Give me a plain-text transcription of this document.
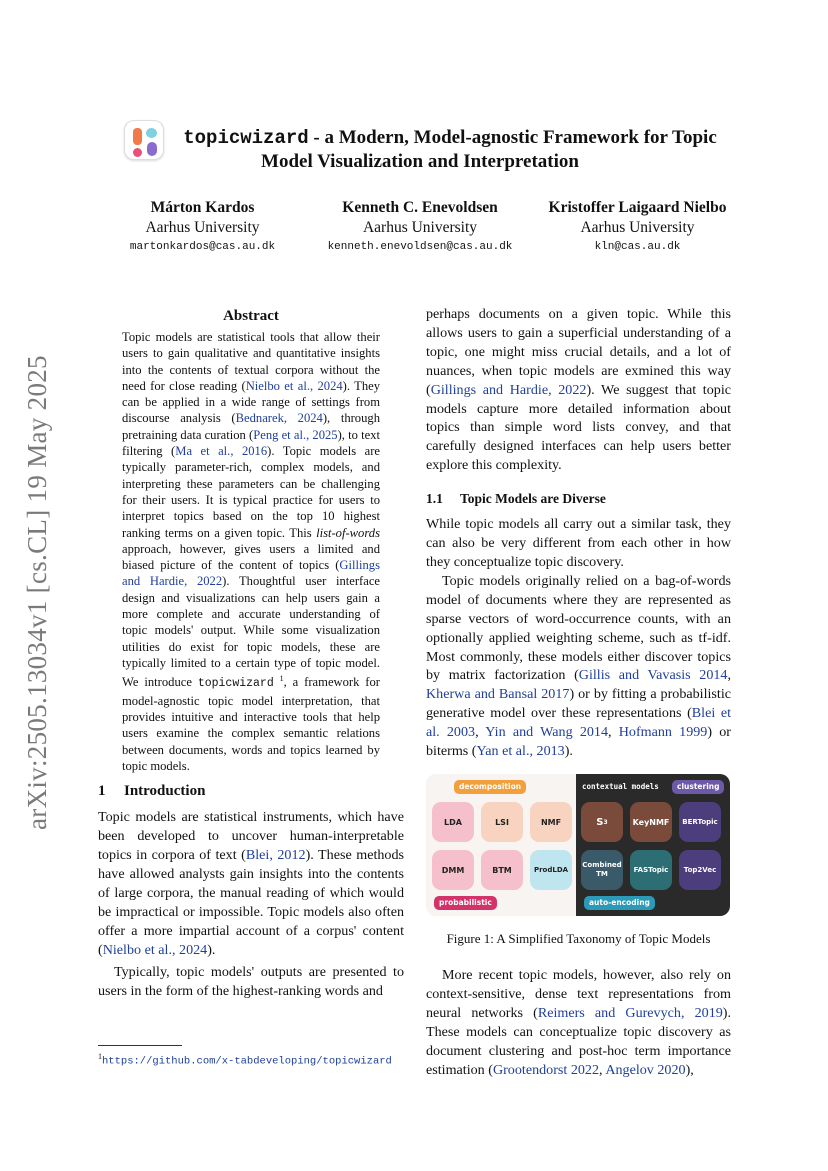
arXiv:2505.13034v1 [cs.CL] 19 May 2025
topicwizard - a Modern, Model-agnostic Framework for Topic
Model Visualization and Interpretation
Márton Kardos
Aarhus University
martonkardos@cas.au.dk
Kenneth C. Enevoldsen
Aarhus University
kenneth.enevoldsen@cas.au.dk
Kristoffer Laigaard Nielbo
Aarhus University
kln@cas.au.dk
Abstract
Topic models are statistical tools that allow their users to gain qualitative and quantitative insights into the contents of textual corpora without the need for close reading (Nielbo et al., 2024). They can be applied in a wide range of settings from discourse analysis (Bednarek, 2024), through pretraining data curation (Peng et al., 2025), to text filtering (Ma et al., 2016). Topic models are typically parameter-rich, complex models, and interpreting these parameters can be challenging for their users. It is typical practice for users to interpret topics based on the top 10 highest ranking terms on a given topic. This list-of-words approach, however, gives users a limited and biased picture of the content of topics (Gillings and Hardie, 2022). Thoughtful user interface design and visualizations can help users gain a more complete and accurate understanding of topic models' output. While some visualization utilities do exist for topic models, these are typically limited to a certain type of topic model. We introduce topicwizard $^1$, a framework for model-agnostic topic model interpretation, that provides intuitive and interactive tools that help users examine the complex semantic relations between documents, words and topics learned by topic models.
1 Introduction

Topic models are statistical instruments, which have been developed to uncover human-interpretable topics in corpora of text (Blei, 2012). These methods have allowed analysts gain insights into the contents of large corpora, the manual reading of which would be impractical or impossible. Topic models also often offer a more impartial account of a corpus' content (Nielbo et al., 2024).

Typically, topic models' outputs are presented to users in the form of the highest-ranking words and

$^1$https://github.com/x-tabdeveloping/topicwizard

perhaps documents on a given topic. While this allows users to gain a superficial understanding of a topic, one might miss crucial details, and a lot of nuances, when topic models are exmined this way (Gillings and Hardie, 2022). We suggest that topic models capture more detailed information about topics than simple word lists convey, and that carefully designed interfaces can help users better explore this complexity.

1.1 Topic Models are Diverse

While topic models all carry out a similar task, they can also be very different from each other in how they conceptualize topic discovery.

Topic models originally relied on a bag-of-words model of documents where they are represented as sparse vectors of word-occurrence counts, with an optionally applied weighting scheme, such as tf-idf. Most commonly, these models either discover topics by matrix factorization (Gillis and Vavasis 2014, Kherwa and Bansal 2017) or by fitting a probabilistic generative model over these representations (Blei et al. 2003, Yin and Wang 2014, Hofmann 1999) or biterms (Yan et al., 2013).

decomposition	contextual models	clustering
LDA	LSI	NMF	S 3	KeyNMF	BERTopic
DMM	BTM	ProdLDA
Combined TM
FASTopic	Top2Vec
probabilistic	auto-encoding
Figure 1: A Simplified Taxonomy of Topic Models

More recent topic models, however, also rely on context-sensitive, dense text representations from neural networks (Reimers and Gurevych, 2019). These models can conceptualize topic discovery as document clustering and post-hoc term importance estimation (Grootendorst 2022, Angelov 2020),
